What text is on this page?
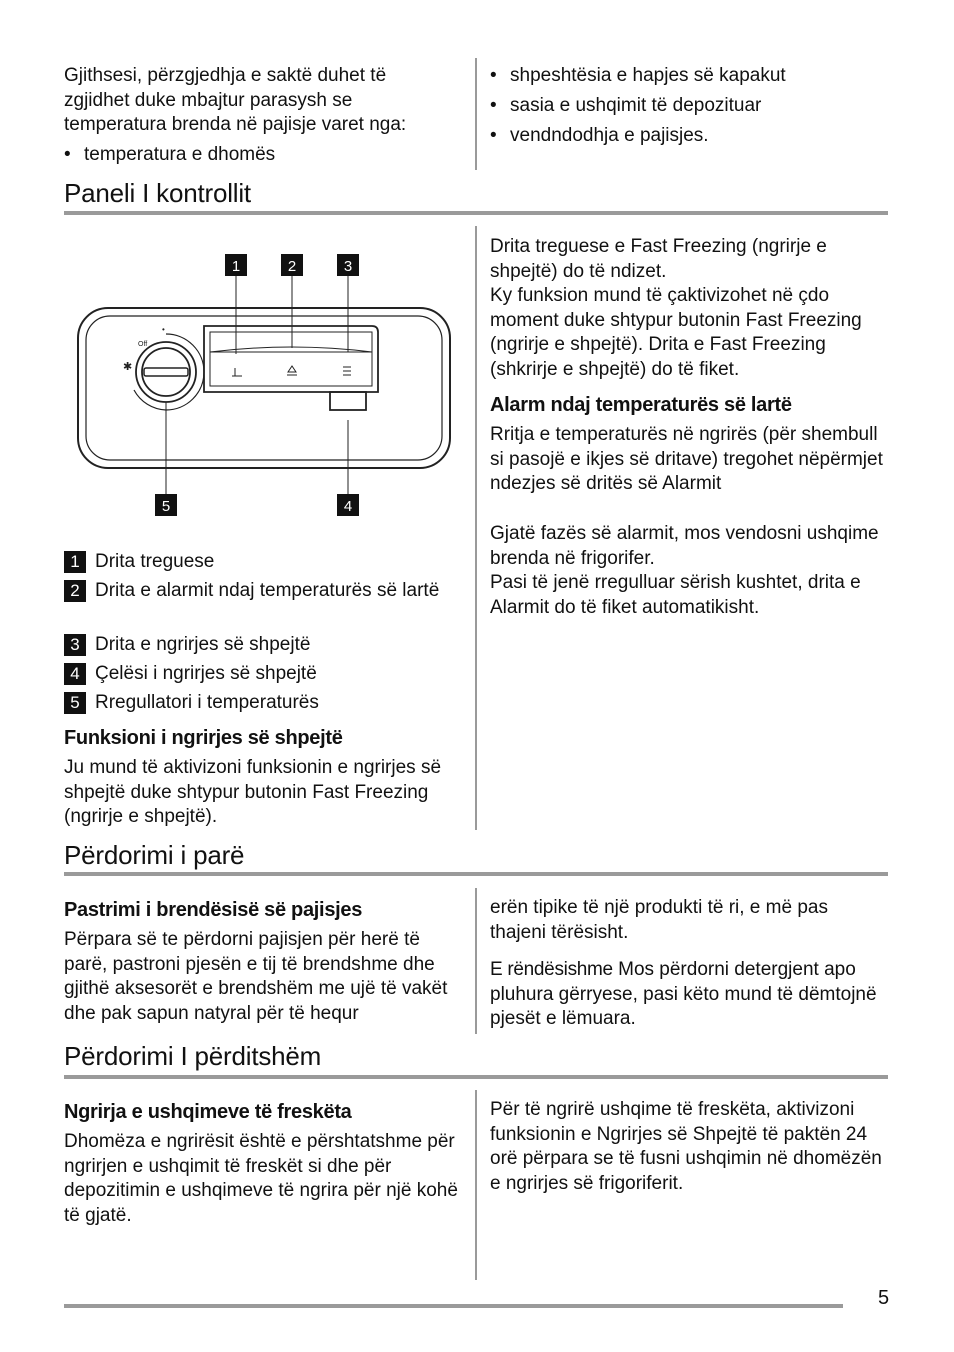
Gjithsesi, përzgjedhja e saktë duhet të zgjidhet duke mbajtur parasysh se temperatura brenda në pajisje varet nga:

• temperatura e dhomës
• shpeshtësia e hapjes së kapakut
• sasia e ushqimit të depozituar
• vendndodhja e pajisjes.
Paneli I kontrollit
Off
•
✱
1	2	3
4
5
1 Drita treguese
2 Drita e alarmit ndaj temperaturës së lartë
3 Drita e ngrirjes së shpejtë
4 Çelësi i ngrirjes së shpejtë
5 Rregullatori i temperaturës
Funksioni i ngrirjes së shpejtë

Ju mund të aktivizoni funksionin e ngrirjes së shpejtë duke shtypur butonin Fast Freezing (ngrirje e shpejtë).

Drita treguese e Fast Freezing (ngrirje e shpejtë) do të ndizet.

Ky funksion mund të çaktivizohet në çdo moment duke shtypur butonin Fast Freezing (ngrirje e shpejtë). Drita e Fast Freezing (shkrirje e shpejtë) do të fiket.

Alarm ndaj temperaturës së lartë

Rritja e temperaturës në ngrirës (për shembull si pasojë e ikjes së dritave) tregohet nëpërmjet ndezjes së dritës së Alarmit

Gjatë fazës së alarmit, mos vendosni ushqime brenda në frigorifer.

Pasi të jenë rregulluar sërish kushtet, drita e Alarmit do të fiket automatikisht.

Përdorimi i parë
Pastrimi i brendësisë së pajisjes

Përpara së te përdorni pajisjen për herë të parë, pastroni pjesën e tij të brendshme dhe gjithë aksesorët e brendshëm me ujë të vakët dhe pak sapun natyral për të hequr

erën tipike të një produkti të ri, e më pas thajeni tërësisht.

E rëndësishme Mos përdorni detergjent apo pluhura gërryese, pasi këto mund të dëmtojnë pjesët e lëmuara.

Përdorimi I përditshëm
Ngrirja e ushqimeve të freskëta

Dhomëza e ngrirësit është e përshtatshme për ngrirjen e ushqimit të freskët si dhe për depozitimin e ushqimeve të ngrira për një kohë të gjatë.

Për të ngrirë ushqime të freskëta, aktivizoni funksionin e Ngrirjes së Shpejtë të paktën 24 orë përpara se të fusni ushqimin në dhomëzën e ngrirjes së frigoriferit.

5
